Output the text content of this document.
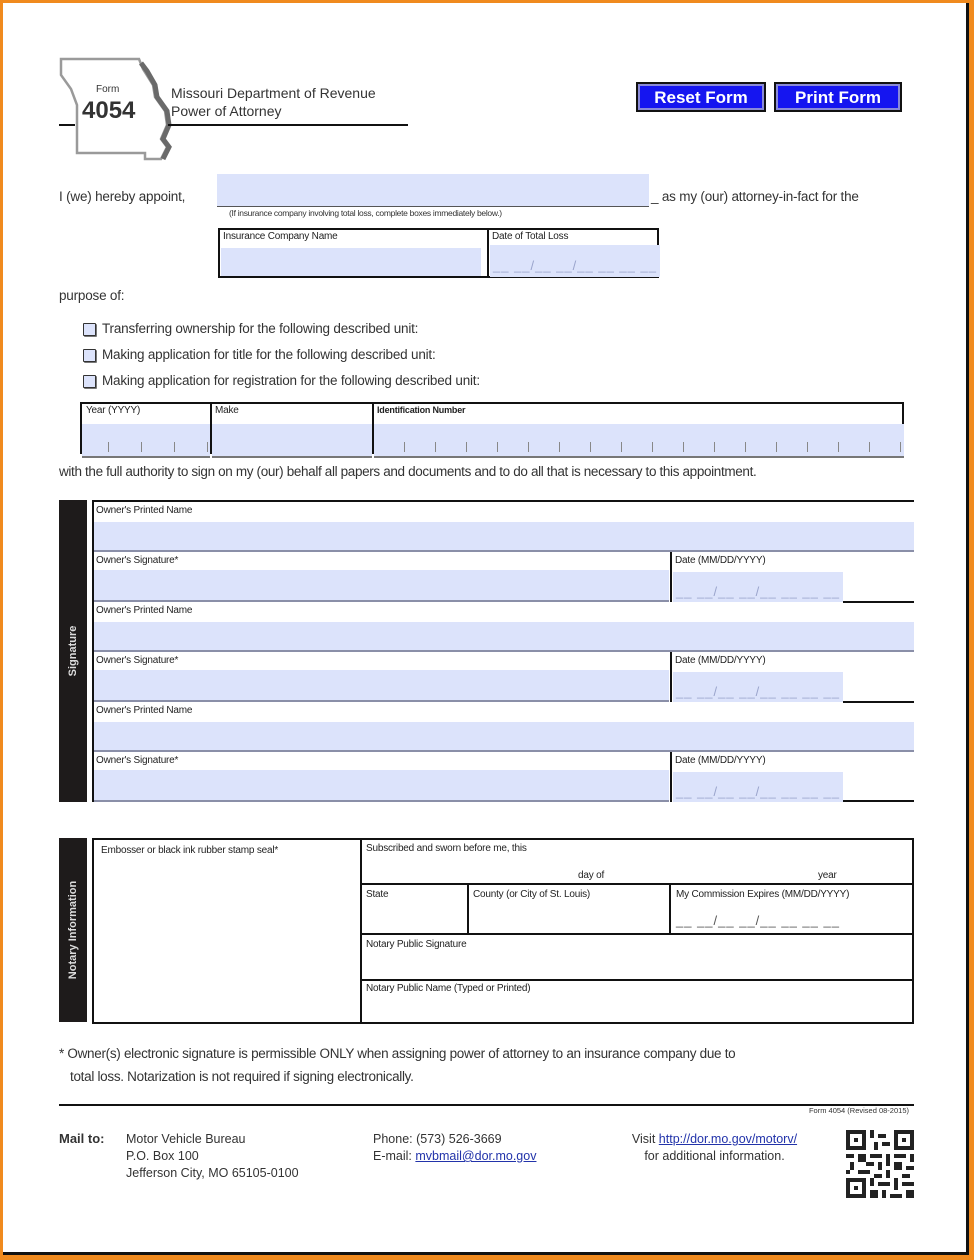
Form
4054
Missouri Department of Revenue
Power of Attorney
Reset Form	Print Form
I (we) hereby appoint,	_ as my (our) attorney-in-fact for the
(If insurance company involving total loss, complete boxes immediately below.)
Insurance Company Name	Date of Total Loss
__ __/__ __/__ __ __ __
purpose of:
Transferring ownership for the following described unit:
Making application for title for the following described unit:
Making application for registration for the following described unit:
Year (YYYY)	Make	Identification Number
with the full authority to sign on my (our) behalf all papers and documents and to do all that is necessary to this appointment.
Signature
Owner's Printed Name
Owner's Signature*	Date (MM/DD/YYYY)
__ __/__ __/__ __ __ __
Owner's Printed Name
Owner's Signature*	Date (MM/DD/YYYY)
__ __/__ __/__ __ __ __
Owner's Printed Name
Owner's Signature*	Date (MM/DD/YYYY)
__ __/__ __/__ __ __ __
Notary Information
Embosser or black ink rubber stamp seal*	Subscribed and sworn before me, this
day of	year
State	County (or City of St. Louis)	My Commission Expires (MM/DD/YYYY)
__ __/__ __/__ __ __ __
Notary Public Signature
Notary Public Name (Typed or Printed)
* Owner(s) electronic signature is permissible ONLY when assigning power of attorney to an insurance company due to
total loss. Notarization is not required if signing electronically.
Form 4054 (Revised 08-2015)
Mail to: Motor Vehicle Bureau
P.O. Box 100
Jefferson City, MO 65105-0100
Phone: (573) 526-3669
E-mail: mvbmail@dor.mo.gov
Visit http://dor.mo.gov/motorv/
for additional information.
